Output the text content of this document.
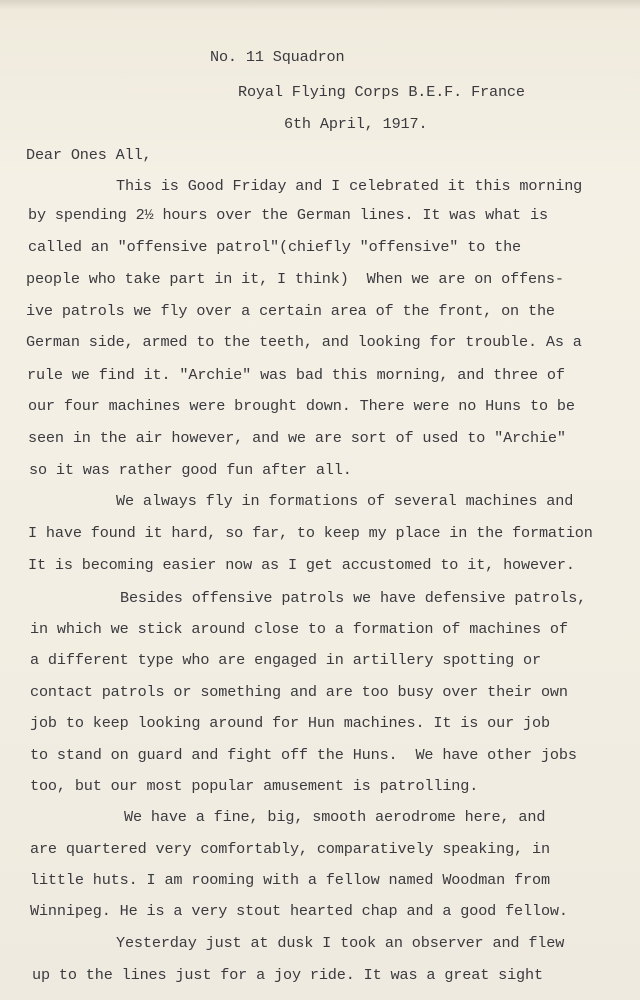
No. 11 Squadron
Royal Flying Corps B.E.F. France
6th April, 1917.
Dear Ones All,
This is Good Friday and I celebrated it this morning
by spending 2½ hours over the German lines. It was what is
called an "offensive patrol"(chiefly "offensive" to the
people who take part in it, I think)  When we are on offens-
ive patrols we fly over a certain area of the front, on the
German side, armed to the teeth, and looking for trouble. As a
rule we find it. "Archie" was bad this morning, and three of
our four machines were brought down. There were no Huns to be
seen in the air however, and we are sort of used to "Archie"
so it was rather good fun after all.
We always fly in formations of several machines and
I have found it hard, so far, to keep my place in the formation
It is becoming easier now as I get accustomed to it, however.
Besides offensive patrols we have defensive patrols,
in which we stick around close to a formation of machines of
a different type who are engaged in artillery spotting or
contact patrols or something and are too busy over their own
job to keep looking around for Hun machines. It is our job
to stand on guard and fight off the Huns.  We have other jobs
too, but our most popular amusement is patrolling.
We have a fine, big, smooth aerodrome here, and
are quartered very comfortably, comparatively speaking, in
little huts. I am rooming with a fellow named Woodman from
Winnipeg. He is a very stout hearted chap and a good fellow.
Yesterday just at dusk I took an observer and flew
up to the lines just for a joy ride. It was a great sight
